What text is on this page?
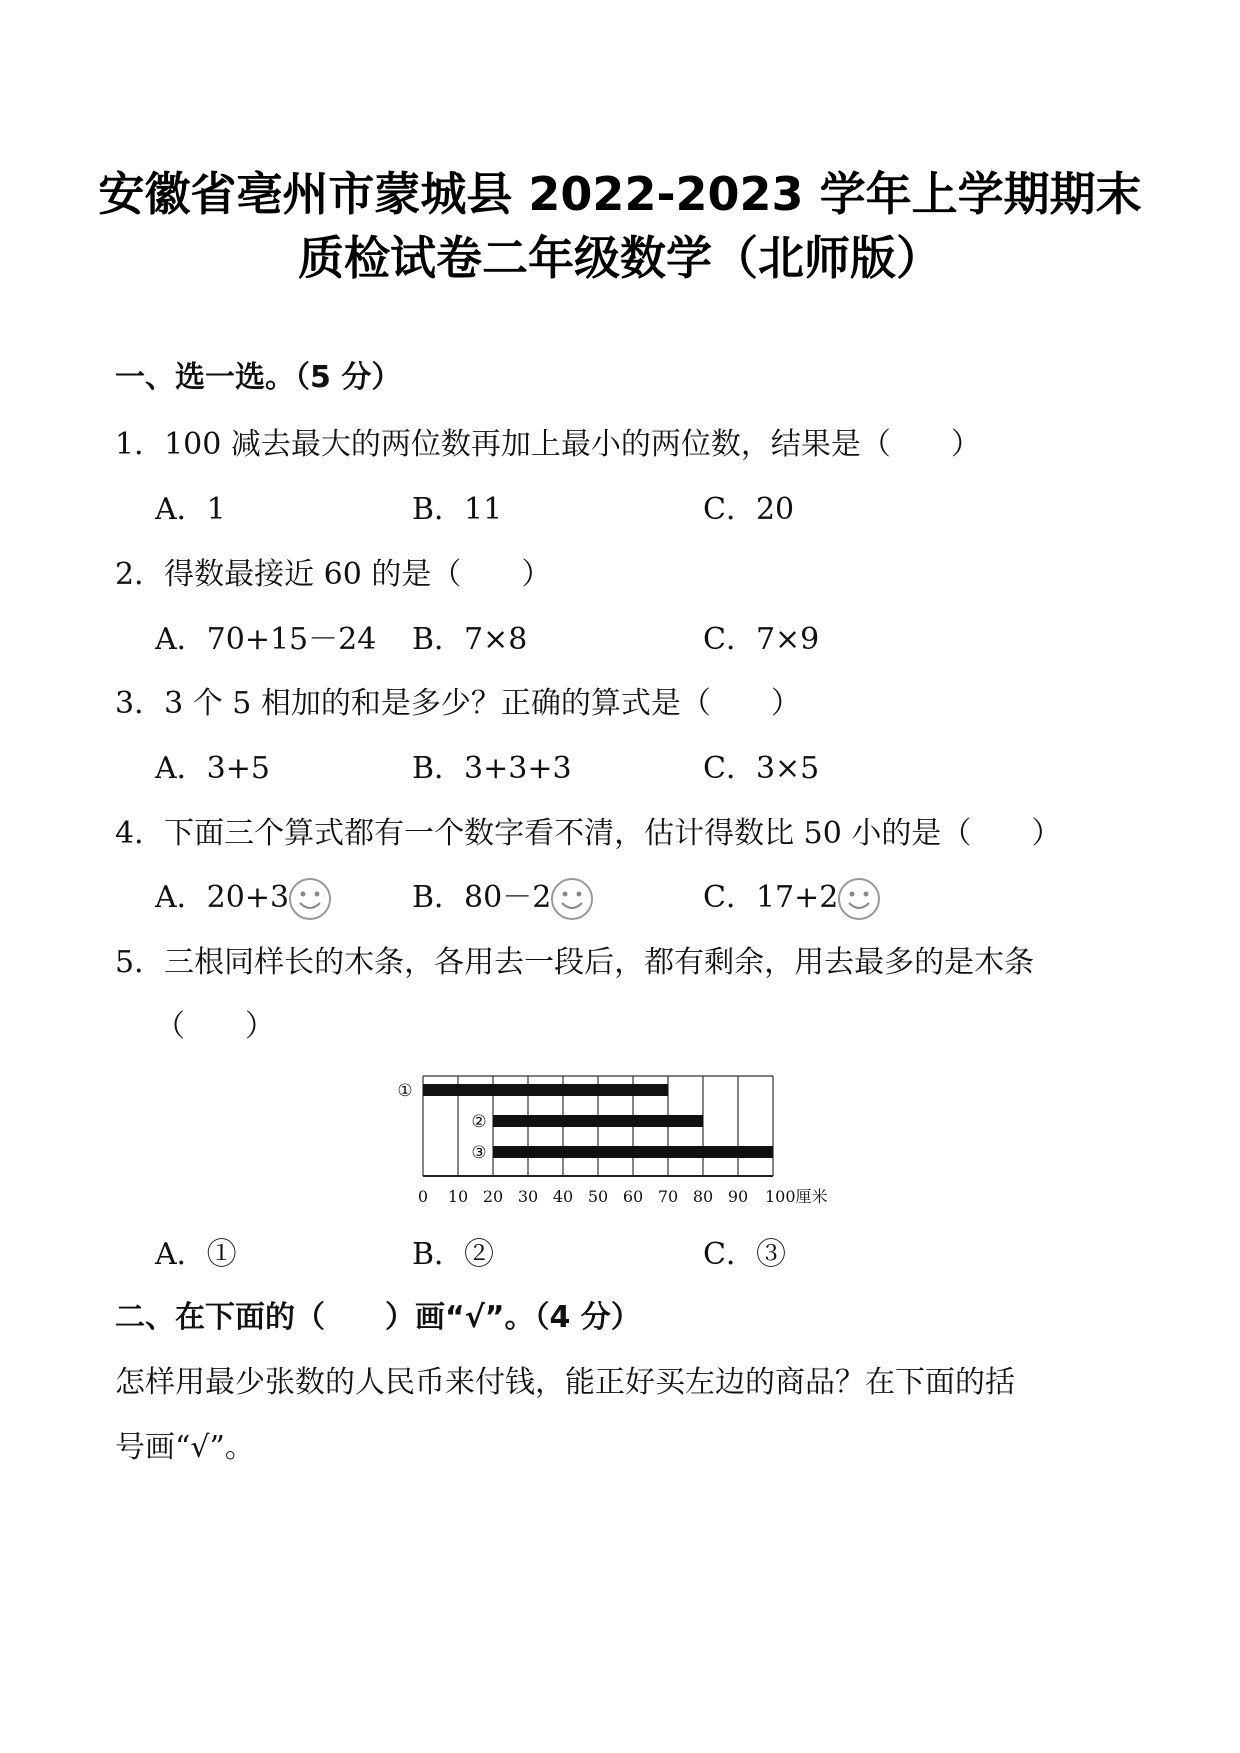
安徽省亳州市蒙城县 2022-2023 学年上学期期末
质检试卷二年级数学（北师版）
一、选一选。（5 分）
1．100 减去最大的两位数再加上最小的两位数，结果是（　　）
A．1	B．11	C．20
2．得数最接近 60 的是（　　）
A．70+15－24 B．7×8	C．7×9
3．3 个 5 相加的和是多少？正确的算式是（　　）
A．3+5	B．3+3+3	C．3×5
4．下面三个算式都有一个数字看不清，估计得数比 50 小的是（　　）
A．20+3	B．80－2	C．17+2
5．三根同样长的木条，各用去一段后，都有剩余，用去最多的是木条
（　　）
①
②
③
0 10 20 30 40 50 60 70 80 90 100厘米
A．①	B．②	C．③
二、在下面的（　　）画“√”。（4 分）
怎样用最少张数的人民币来付钱，能正好买左边的商品？在下面的括
号画“√”。
